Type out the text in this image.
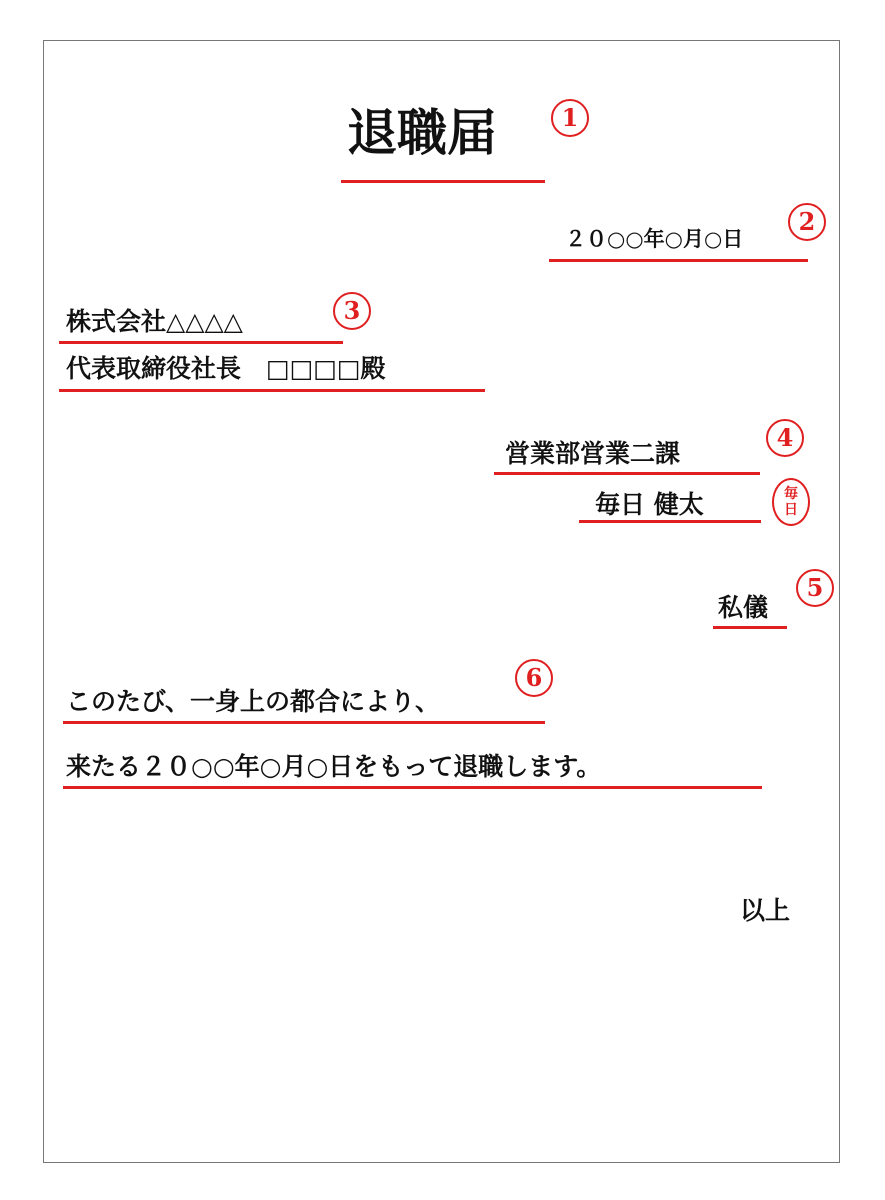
退職届	1
２０○○年○月○日
2
株式会社△△△△	3
代表取締役社長　□□□□殿
営業部営業二課
4
毎日 健太	毎
日
私儀
5
6
このたび、一身上の都合により、
来たる２０○○年○月○日をもって退職します。
以上
